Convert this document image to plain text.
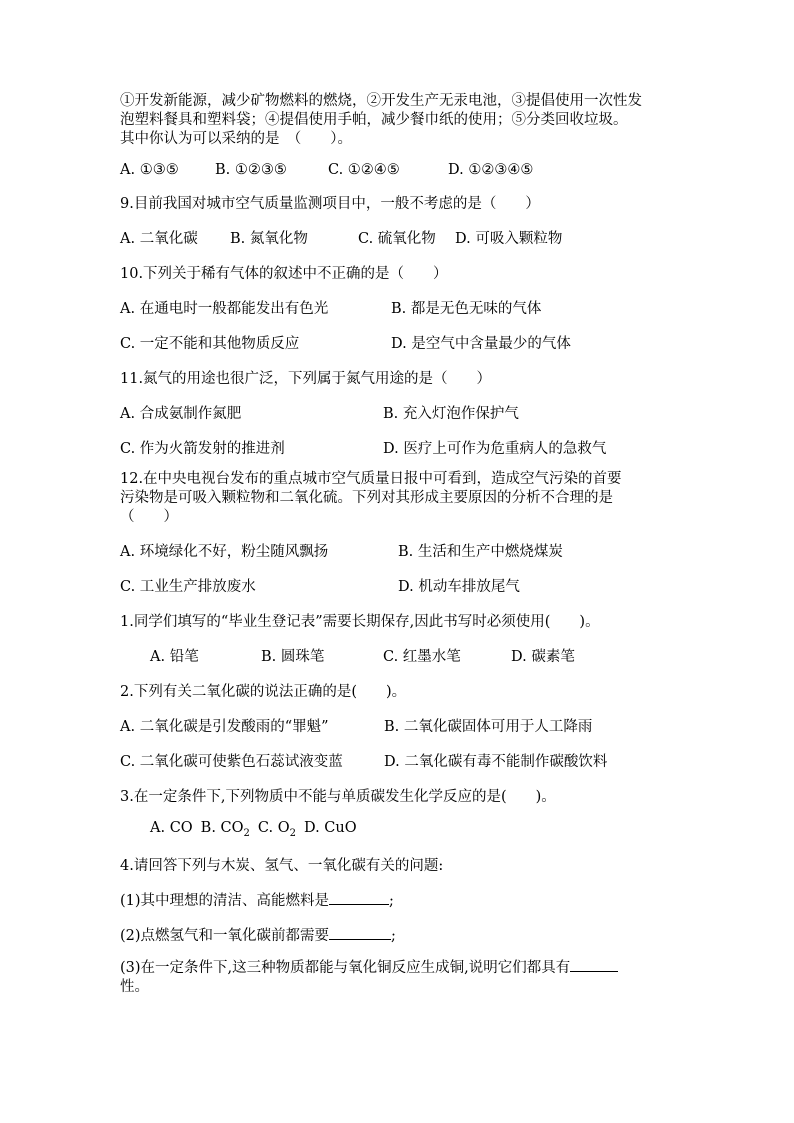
①开发新能源，减少矿物燃料的燃烧，②开发生产无汞电池，③提倡使用一次性发

泡塑料餐具和塑料袋；④提倡使用手帕，减少餐巾纸的使用；⑤分类回收垃圾。

其中你认为可以采纳的是　（　　）。

A. ①③⑤	B. ①②③⑤	C. ①②④⑤	D. ①②③④⑤

9.目前我国对城市空气质量监测项目中，一般不考虑的是（　　）

A. 二氧化碳	B. 氮氧化物	C. 硫氧化物	D. 可吸入颗粒物

10.下列关于稀有气体的叙述中不正确的是（　　）

A. 在通电时一般都能发出有色光	B. 都是无色无味的气体
C. 一定不能和其他物质反应	D. 是空气中含量最少的气体

11.氮气的用途也很广泛，下列属于氮气用途的是（　　）

A. 合成氨制作氮肥	B. 充入灯泡作保护气
C. 作为火箭发射的推进剂	D. 医疗上可作为危重病人的急救气

12.在中央电视台发布的重点城市空气质量日报中可看到，造成空气污染的首要

污染物是可吸入颗粒物和二氧化硫。下列对其形成主要原因的分析不合理的是

（　　）

A. 环境绿化不好，粉尘随风飘扬	B. 生活和生产中燃烧煤炭
C. 工业生产排放废水	D. 机动车排放尾气

1.同学们填写的“毕业生登记表”需要长期保存,因此书写时必须使用(　　)。

A. 铅笔	B. 圆珠笔	C. 红墨水笔	D. 碳素笔

2.下列有关二氧化碳的说法正确的是(　　)。

A. 二氧化碳是引发酸雨的“罪魁”	B. 二氧化碳固体可用于人工降雨
C. 二氧化碳可使紫色石蕊试液变蓝	D. 二氧化碳有毒不能制作碳酸饮料

3.在一定条件下,下列物质中不能与单质碳发生化学反应的是(　　)。

A. CO B. $CO_2$ C. $O_2$ D. CuO

4.请回答下列与木炭、氢气、一氧化碳有关的问题:

(1)其中理想的清洁、高能燃料是	;

(2)点燃氢气和一氧化碳前都需要	;

(3)在一定条件下,这三种物质都能与氧化铜反应生成铜,说明它们都具有

性。
